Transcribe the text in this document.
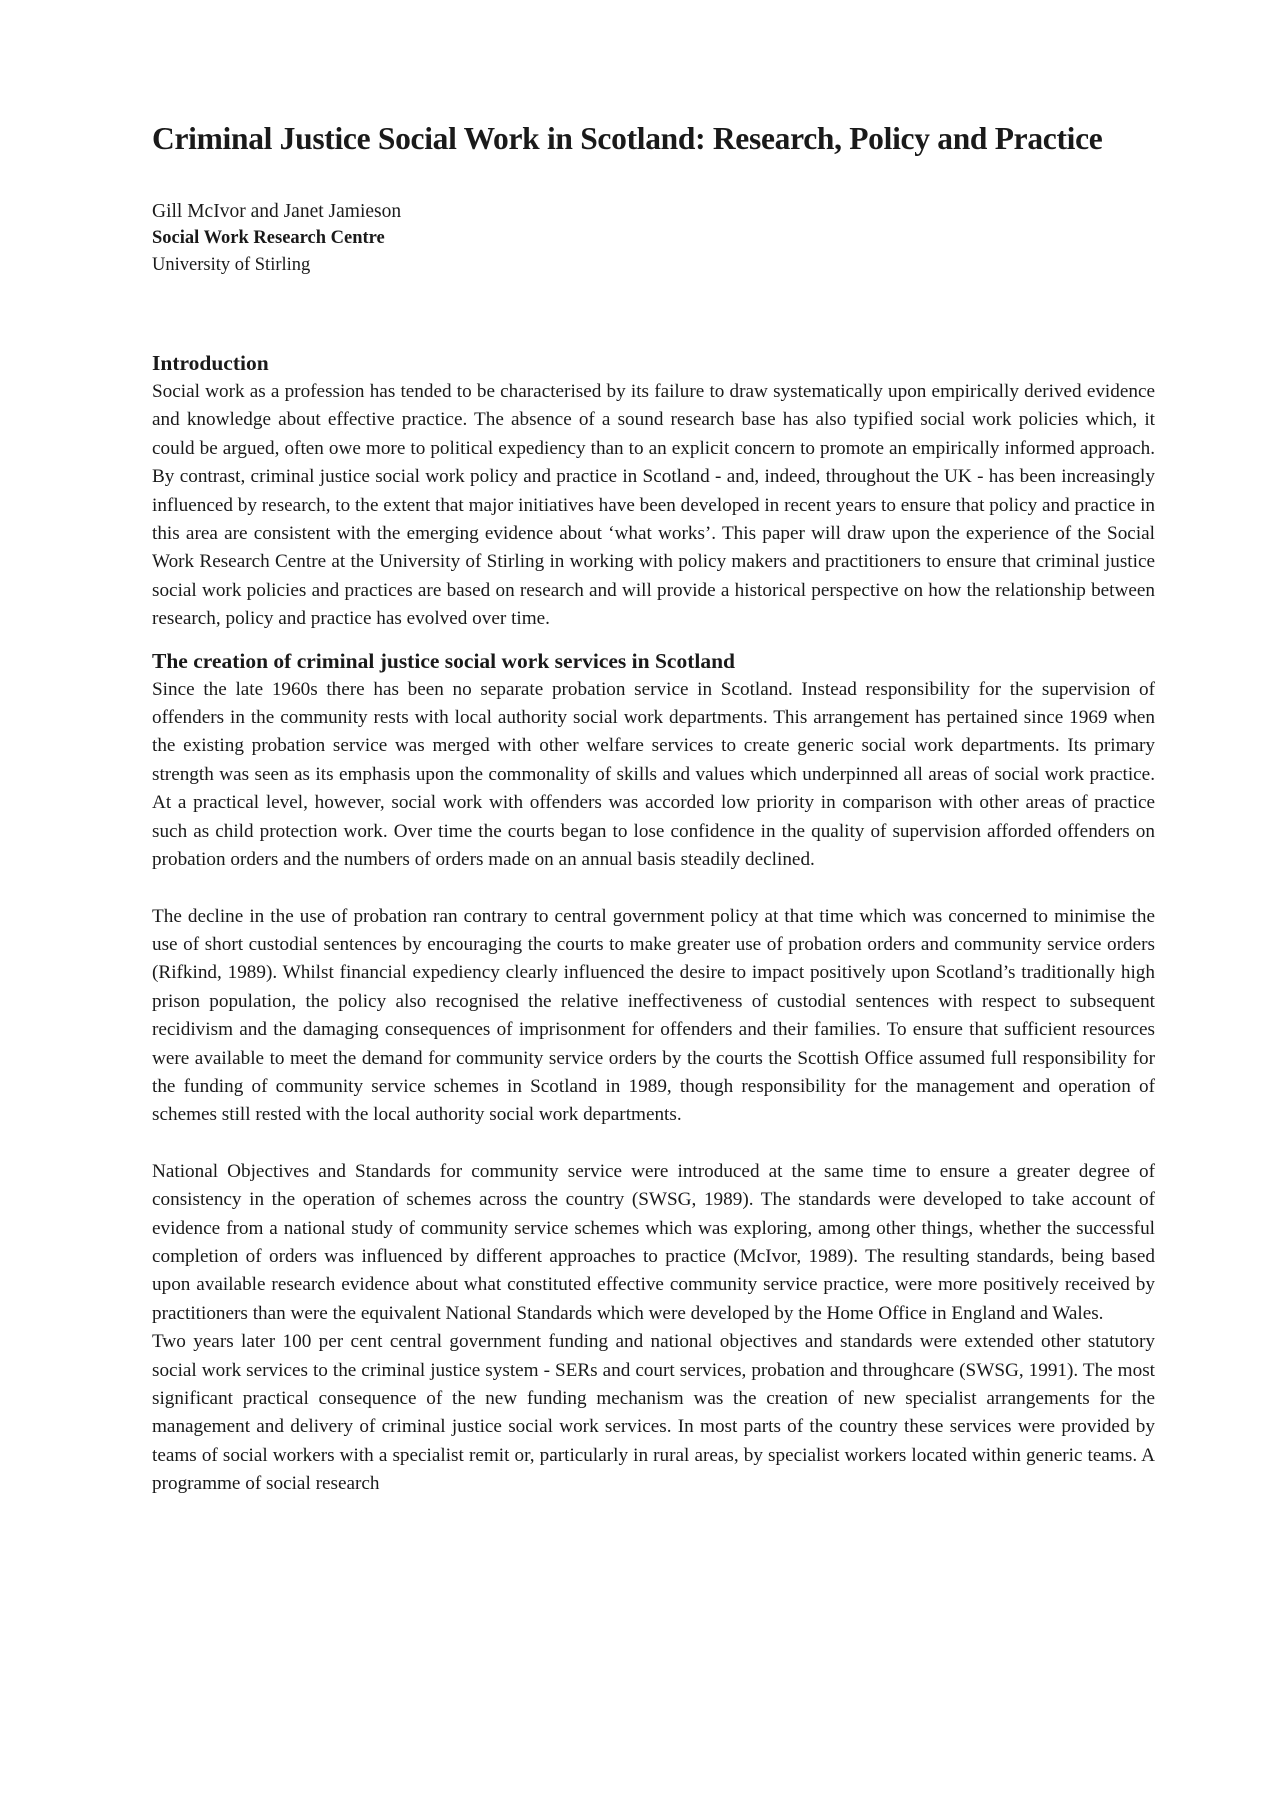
Criminal Justice Social Work in Scotland: Research, Policy and Practice
Gill McIvor and Janet Jamieson
Social Work Research Centre
University of Stirling
Introduction

Social work as a profession has tended to be characterised by its failure to draw systematically upon empirically derived evidence and knowledge about effective practice. The absence of a sound research base has also typified social work policies which, it could be argued, often owe more to political expediency than to an explicit concern to promote an empirically informed approach. By contrast, criminal justice social work policy and practice in Scotland - and, indeed, throughout the UK - has been increasingly influenced by research, to the extent that major initiatives have been developed in recent years to ensure that policy and practice in this area are consistent with the emerging evidence about ‘what works’. This paper will draw upon the experience of the Social Work Research Centre at the University of Stirling in working with policy makers and practitioners to ensure that criminal justice social work policies and practices are based on research and will provide a historical perspective on how the relationship between research, policy and practice has evolved over time.

The creation of criminal justice social work services in Scotland

Since the late 1960s there has been no separate probation service in Scotland. Instead responsibility for the supervision of offenders in the community rests with local authority social work departments. This arrangement has pertained since 1969 when the existing probation service was merged with other welfare services to create generic social work departments. Its primary strength was seen as its emphasis upon the commonality of skills and values which underpinned all areas of social work practice. At a practical level, however, social work with offenders was accorded low priority in comparison with other areas of practice such as child protection work. Over time the courts began to lose confidence in the quality of supervision afforded offenders on probation orders and the numbers of orders made on an annual basis steadily declined.

The decline in the use of probation ran contrary to central government policy at that time which was concerned to minimise the use of short custodial sentences by encouraging the courts to make greater use of probation orders and community service orders (Rifkind, 1989). Whilst financial expediency clearly influenced the desire to impact positively upon Scotland’s traditionally high prison population, the policy also recognised the relative ineffectiveness of custodial sentences with respect to subsequent recidivism and the damaging consequences of imprisonment for offenders and their families. To ensure that sufficient resources were available to meet the demand for community service orders by the courts the Scottish Office assumed full responsibility for the funding of community service schemes in Scotland in 1989, though responsibility for the management and operation of schemes still rested with the local authority social work departments.

National Objectives and Standards for community service were introduced at the same time to ensure a greater degree of consistency in the operation of schemes across the country (SWSG, 1989). The standards were developed to take account of evidence from a national study of community service schemes which was exploring, among other things, whether the successful completion of orders was influenced by different approaches to practice (McIvor, 1989). The resulting standards, being based upon available research evidence about what constituted effective community service practice, were more positively received by practitioners than were the equivalent National Standards which were developed by the Home Office in England and Wales.

Two years later 100 per cent central government funding and national objectives and standards were extended other statutory social work services to the criminal justice system - SERs and court services, probation and throughcare (SWSG, 1991). The most significant practical consequence of the new funding mechanism was the creation of new specialist arrangements for the management and delivery of criminal justice social work services. In most parts of the country these services were provided by teams of social workers with a specialist remit or, particularly in rural areas, by specialist workers located within generic teams. A programme of social research
